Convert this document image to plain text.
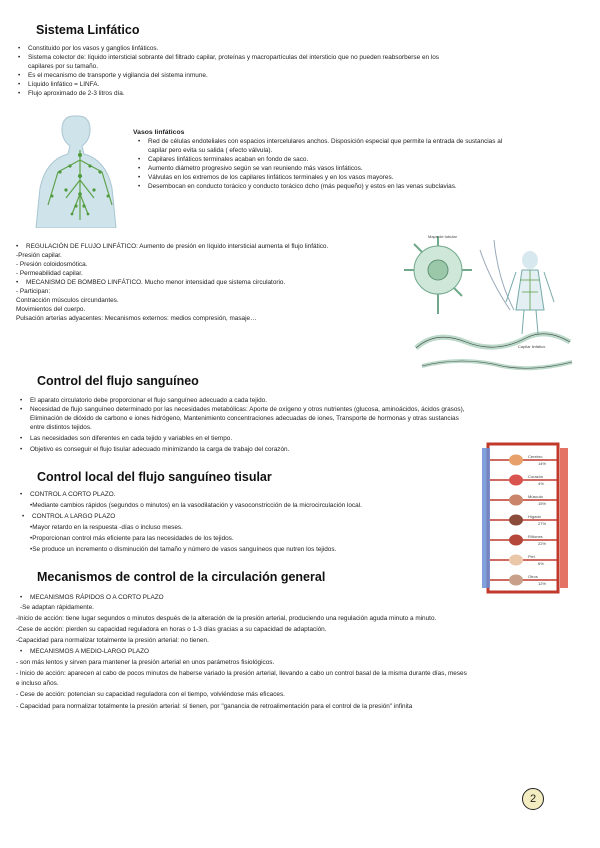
Sistema Linfático
• Constituido por los vasos y ganglios linfáticos.
• Sistema colector de: líquido intersticial sobrante del filtrado capilar, proteínas y macropartículas del intersticio que no pueden reabsorberse en los
capilares por su tamaño.
• Es el mecanismo de transporte y vigilancia del sistema inmune.
• Líquido linfático = LINFA.
• Flujo aproximado de 2-3 litros día.
Vasos linfáticos
• Red de células endoteliales con espacios intercelulares anchos. Disposición especial que permite la entrada de sustancias al
capilar pero evita su salida ( efecto válvula).
• Capilares linfáticos terminales acaban en fondo de saco.
• Aumento diámetro progresivo según se van reuniendo más vasos linfáticos.
• Válvulas en los extremos de los capilares linfáticos terminales y en los vasos mayores.
• Desembocan en conducto torácico y conducto torácico dcho (más pequeño) y estos en las venas subclavias.
• REGULACIÓN DE FLUJO LINFÁTICO: Aumento de presión en líquido intersticial aumenta el flujo linfático.
-Presión capilar.
- Presión coloidosmótica.
- Permeabilidad capilar.
• MECANISMO DE BOMBEO LINFÁTICO. Mucho menor intensidad que sistema circulatorio.
- Participan:
Contracción músculos circundantes.
Movimientos del cuerpo.
Pulsación arterias adyacentes: Mecanismos externos: medios compresión, masaje…
Mapa de tubular
Capilar linfático
Control del flujo sanguíneo
• El aparato circulatorio debe proporcionar el flujo sanguíneo adecuado a cada tejido.
• Necesidad de flujo sanguíneo determinado por las necesidades metabólicas: Aporte de oxígeno y otros nutrientes (glucosa, aminoácidos, ácidos grasos),
Eliminación de dióxido de carbono e iones hidrógeno, Mantenimiento concentraciones adecuadas de iones, Transporte de hormonas y otras sustancias
entre distintos tejidos.
• Las necesidades son diferentes en cada tejido y variables en el tiempo.
• Objetivo es conseguir el flujo tisular adecuado minimizando la carga de trabajo del corazón.
Control local del flujo sanguíneo tisular
• CONTROL A CORTO PLAZO.
•Mediante cambios rápidos (segundos o minutos) en la vasodilatación y vasoconstricción de la microcirculación local.
• CONTROL A LARGO PLAZO
•Mayor retardo en la respuesta -días o incluso meses.
•Proporcionan control más eficiente para las necesidades de los tejidos.
•Se produce un incremento o disminución del tamaño y número de vasos sanguíneos que nutren los tejidos.
Cerebro
14%
Corazón
4%
Músculo
15%
Hígado
27%
Riñones
22%
Piel
6%
Otros
12%
Mecanismos de control de la circulación general
• MECANISMOS RÁPIDOS O A CORTO PLAZO
-Se adaptan rápidamente.
-Inicio de acción: tiene lugar segundos o minutos después de la alteración de la presión arterial, produciendo una regulación aguda minuto a minuto.
-Cese de acción: pierden su capacidad reguladora en horas o 1-3 días gracias a su capacidad de adaptación.
-Capacidad para normalizar totalmente la presión arterial: no tienen.
• MECANISMOS A MEDIO-LARGO PLAZO
- son más lentos y sirven para mantener la presión arterial en unos parámetros fisiológicos.
- Inicio de acción: aparecen al cabo de pocos minutos de haberse variado la presión arterial, llevando a cabo un control basal de la misma durante días, meses
e incluso años.
- Cese de acción: potencian su capacidad reguladora con el tiempo, volviéndose más eficaces.
- Capacidad para normalizar totalmente la presión arterial: sí tienen, por "ganancia de retroalimentación para el control de la presión" infinita
2
